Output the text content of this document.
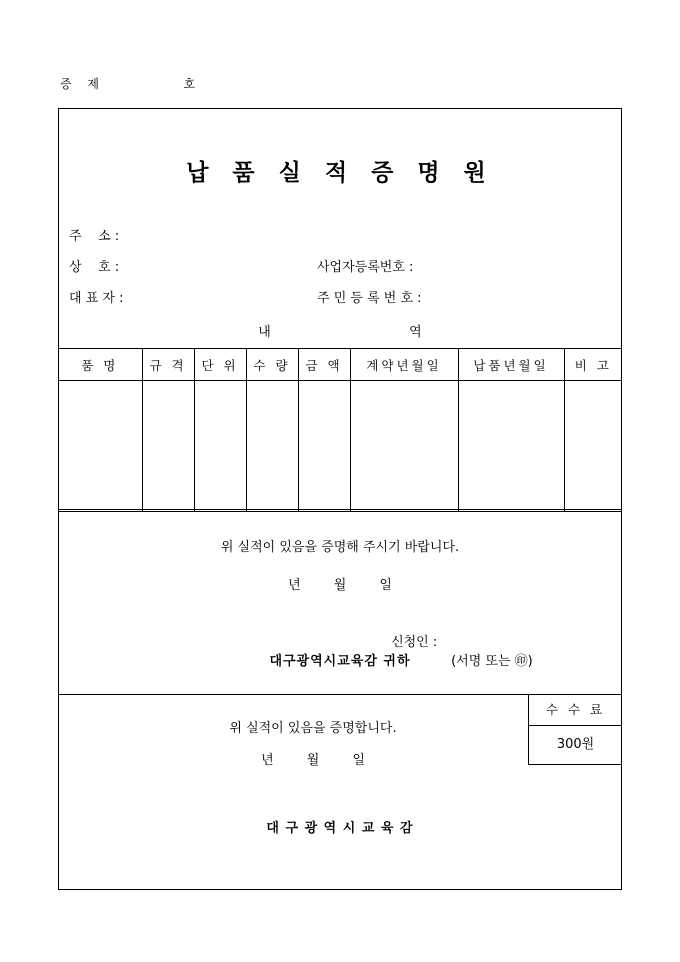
증 제        호
납 품 실 적 증 명 원
주    소 :
상    호 :	사업자등록번호 :
대 표 자 :	주 민 등 록 번 호 :
내	역
품 명	규 격	단 위	수 량	금 액	계약년월일	납품년월일	비 고

위 실적이 있음을 증명해 주시기 바랍니다.
년        월        일

신청인 :
(서명 또는 ㊞)

대구광역시교육감 귀하
수 수 료
300원
위 실적이 있음을 증명합니다.
년        월        일
대 구 광 역 시 교 육 감
